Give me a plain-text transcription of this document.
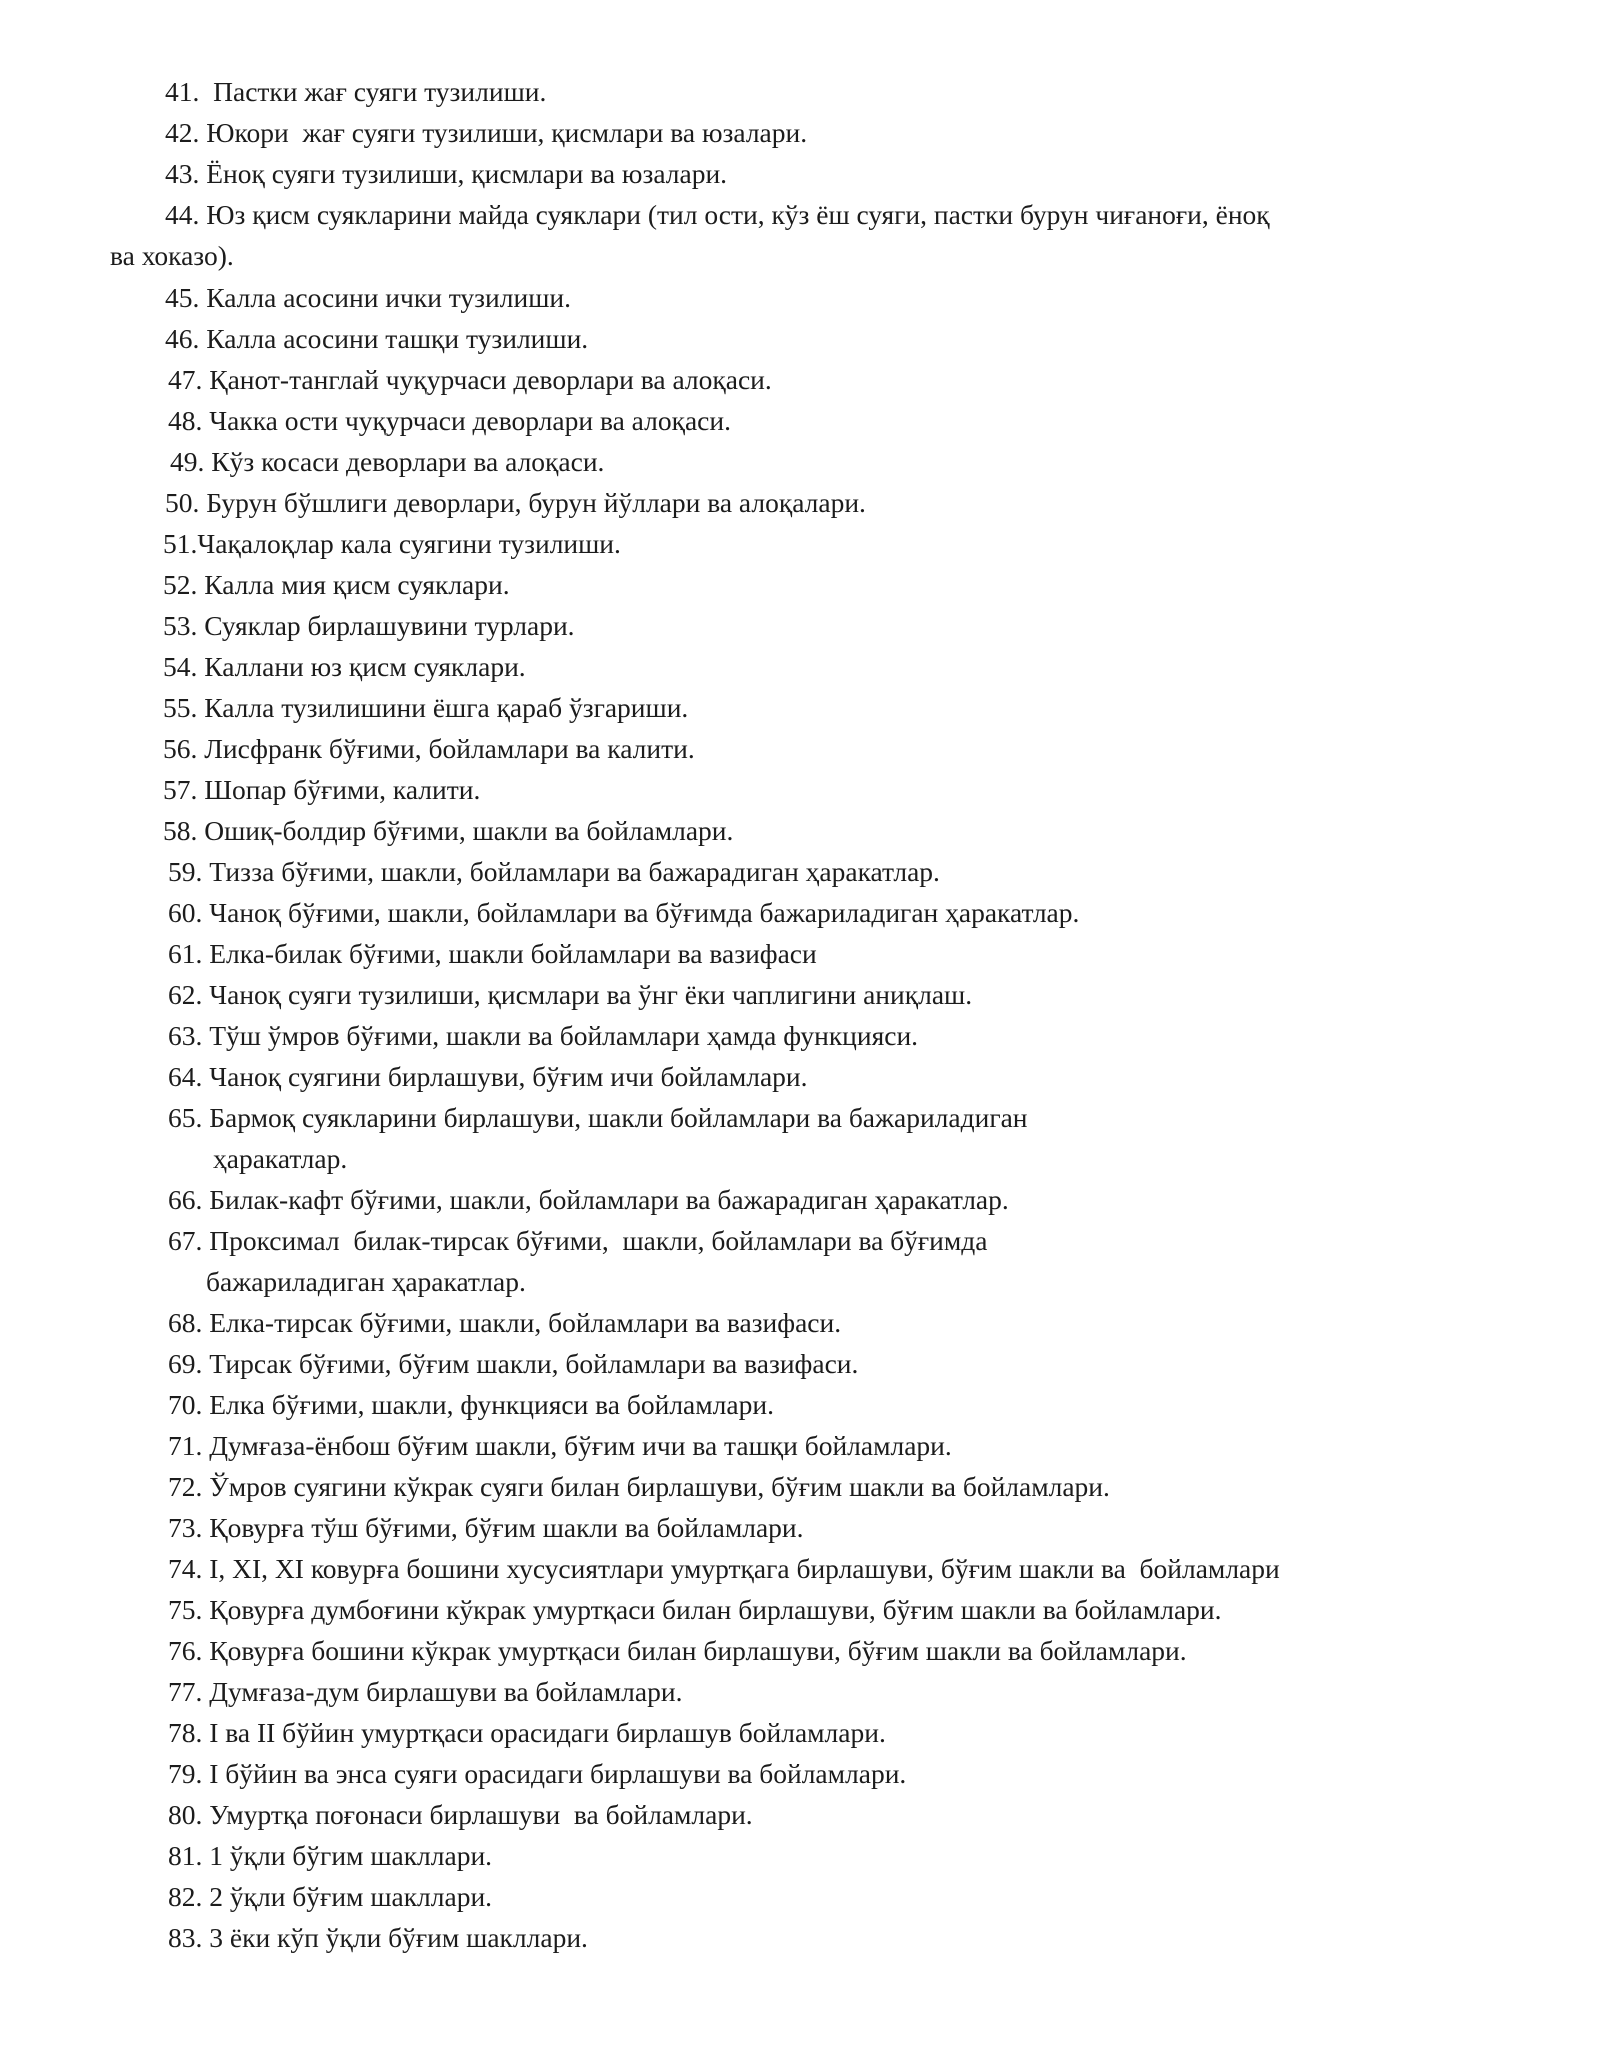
41.  Пастки жағ суяги тузилиши.
42. Юкори  жағ суяги тузилиши, қисмлари ва юзалари.
43. Ёноқ суяги тузилиши, қисмлари ва юзалари.
44. Юз қисм суякларини майда суяклари (тил ости, кўз ёш суяги, пастки бурун чиғаноғи, ёноқ
ва хоказо).
45. Калла асосини ички тузилиши.
46. Калла асосини ташқи тузилиши.
47. Қанот-танглай чуқурчаси деворлари ва алоқаси.
48. Чакка ости чуқурчаси деворлари ва алоқаси.
49. Кўз косаси деворлари ва алоқаси.
50. Бурун бўшлиги деворлари, бурун йўллари ва алоқалари.
51.Чақалоқлар кала суягини тузилиши.
52. Калла мия қисм суяклари.
53. Суяклар бирлашувини турлари.
54. Каллани юз қисм суяклари.
55. Калла тузилишини ёшга қараб ўзгариши.
56. Лисфранк бўғими, бойламлари ва калити.
57. Шопар бўғими, калити.
58. Ошиқ-болдир бўғими, шакли ва бойламлари.
59. Тизза бўғими, шакли, бойламлари ва бажарадиган ҳаракатлар.
60. Чаноқ бўғими, шакли, бойламлари ва бўғимда бажариладиган ҳаракатлар.
61. Елка-билак бўғими, шакли бойламлари ва вазифаси
62. Чаноқ суяги тузилиши, қисмлари ва ўнг ёки чаплигини аниқлаш.
63. Тўш ўмров бўғими, шакли ва бойламлари ҳамда функцияси.
64. Чаноқ суягини бирлашуви, бўғим ичи бойламлари.
65. Бармоқ суякларини бирлашуви, шакли бойламлари ва бажариладиган
ҳаракатлар.
66. Билак-кафт бўғими, шакли, бойламлари ва бажарадиган ҳаракатлар.
67. Проксимал  билак-тирсак бўғими,  шакли, бойламлари ва бўғимда
бажариладиган ҳаракатлар.
68. Елка-тирсак бўғими, шакли, бойламлари ва вазифаси.
69. Тирсак бўғими, бўғим шакли, бойламлари ва вазифаси.
70. Елка бўғими, шакли, функцияси ва бойламлари.
71. Думғаза-ёнбош бўғим шакли, бўғим ичи ва ташқи бойламлари.
72. Ўмров суягини кўкрак суяги билан бирлашуви, бўғим шакли ва бойламлари.
73. Қовурға тўш бўғими, бўғим шакли ва бойламлари.
74. I, XI, XI ковурға бошини хусусиятлари умуртқага бирлашуви, бўғим шакли ва  бойламлари
75. Қовурға думбоғини кўкрак умуртқаси билан бирлашуви, бўғим шакли ва бойламлари.
76. Қовурға бошини кўкрак умуртқаси билан бирлашуви, бўғим шакли ва бойламлари.
77. Думғаза-дум бирлашуви ва бойламлари.
78. I ва II бўйин умуртқаси орасидаги бирлашув бойламлари.
79. I бўйин ва энса суяги орасидаги бирлашуви ва бойламлари.
80. Умуртқа поғонаси бирлашуви  ва бойламлари.
81. 1 ўқли бўгим шакллари.
82. 2 ўқли бўғим шакллари.
83. 3 ёки кўп ўқли бўғим шакллари.
